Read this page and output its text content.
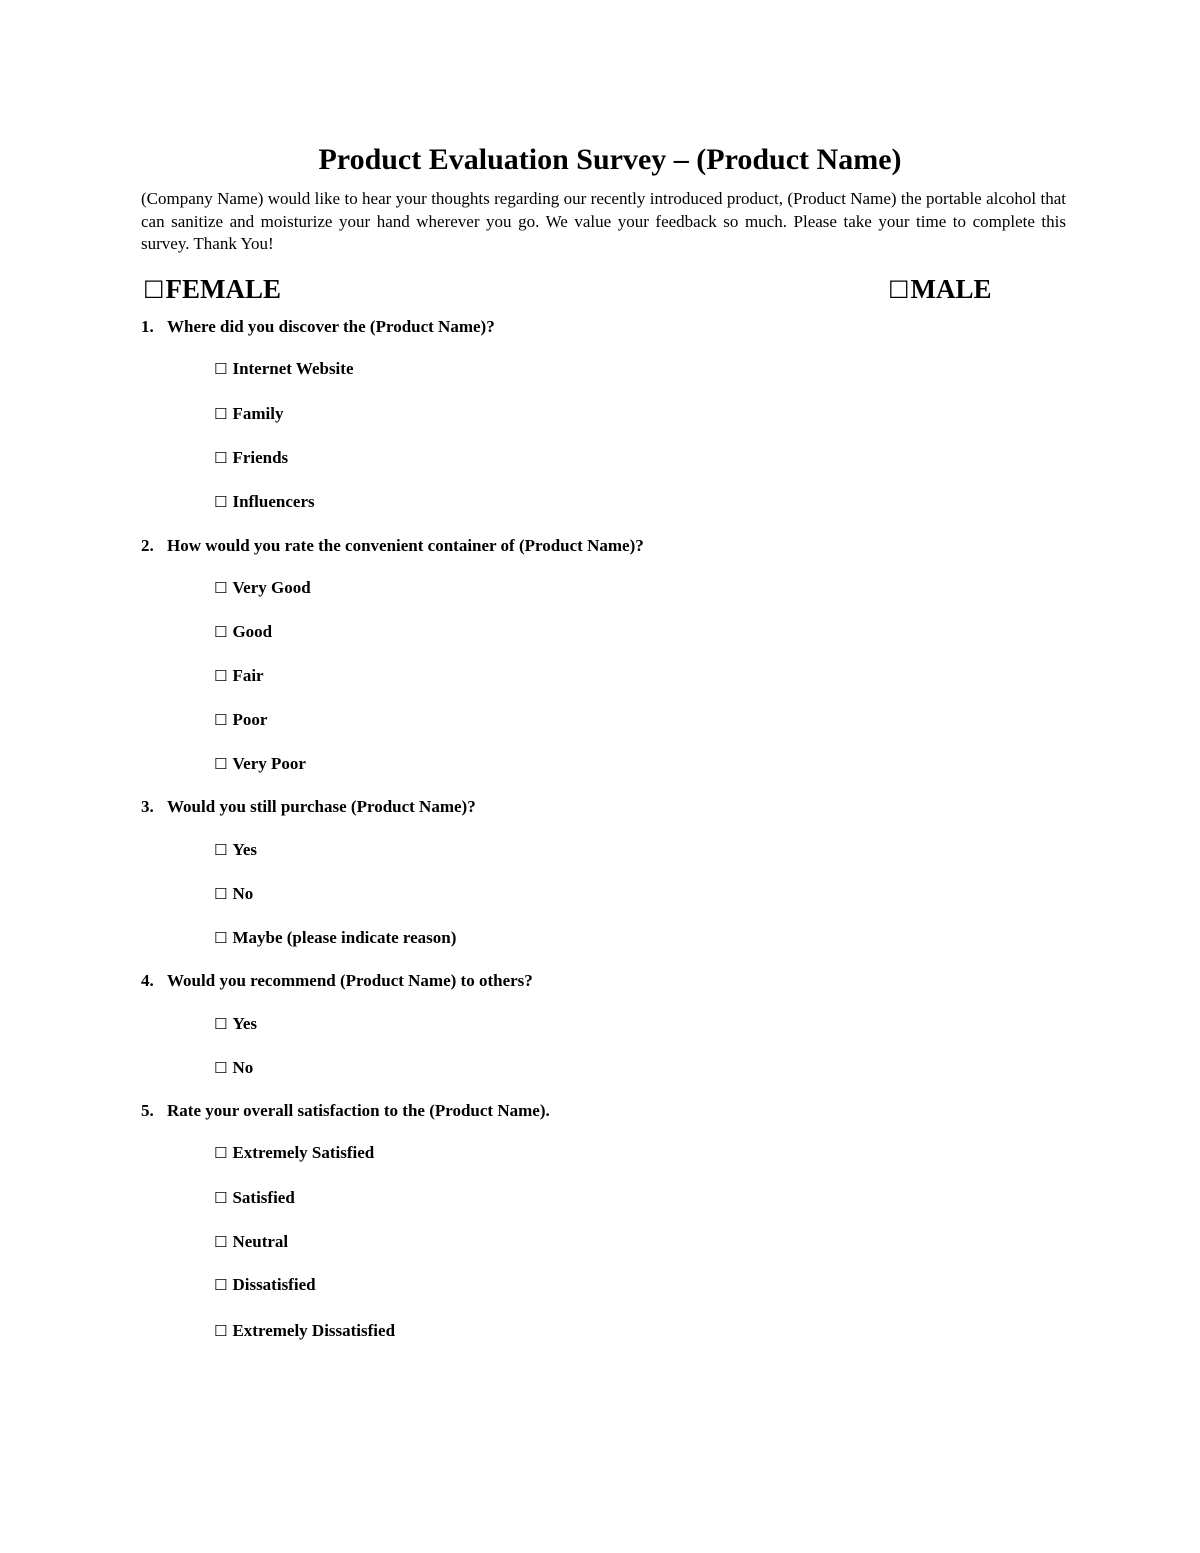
Product Evaluation Survey – (Product Name)
(Company Name) would like to hear your thoughts regarding our recently introduced product, (Product Name) the portable alcohol that can sanitize and moisturize your hand wherever you go. We value your feedback so much. Please take your time to complete this survey. Thank You!
☐FEMALE	☐MALE
1. Where did you discover the (Product Name)?
☐ Internet Website
☐ Family
☐ Friends
☐ Influencers
2. How would you rate the convenient container of (Product Name)?
☐ Very Good
☐ Good
☐ Fair
☐ Poor
☐ Very Poor
3. Would you still purchase (Product Name)?
☐ Yes
☐ No
☐ Maybe (please indicate reason)
4. Would you recommend (Product Name) to others?
☐ Yes
☐ No
5. Rate your overall satisfaction to the (Product Name).
☐ Extremely Satisfied
☐ Satisfied
☐ Neutral
☐ Dissatisfied
☐ Extremely Dissatisfied
